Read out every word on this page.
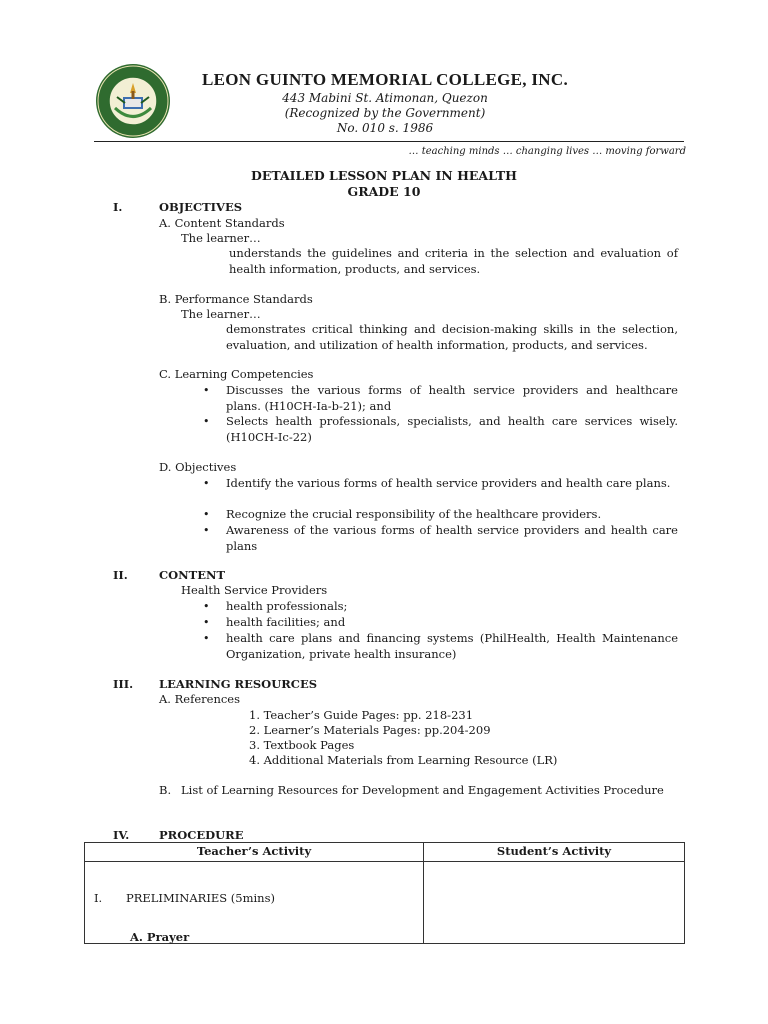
LEON GUINTO MEMORIAL COLLEGE, INC.
443 Mabini St. Atimonan, Quezon
(Recognized by the Government)
No. 010 s. 1986
… teaching minds … changing lives … moving forward
DETAILED LESSON PLAN IN HEALTH
GRADE 10
I.	OBJECTIVES
A. Content Standards
The learner…
understands the guidelines and criteria in the selection and evaluation of health information, products, and services.
B. Performance Standards
The learner…
demonstrates critical thinking and decision-making skills in the selection, evaluation, and utilization of health information, products, and services.
C. Learning Competencies
• Discusses the various forms of health service providers and healthcare plans. (H10CH-Ia-b-21); and
• Selects health professionals, specialists, and health care services wisely. (H10CH-Ic-22)
D. Objectives
• Identify the various forms of health service providers and health care plans.
• Recognize the crucial responsibility of the healthcare providers.
• Awareness of the various forms of health service providers and health care plans
II.	CONTENT
Health Service Providers
• health professionals;
• health facilities; and
• health care plans and financing systems (PhilHealth, Health Maintenance Organization, private health insurance)
III. LEARNING RESOURCES
A. References
1. Teacher’s Guide Pages: pp. 218-231
2. Learner’s Materials Pages: pp.204-209
3. Textbook Pages
4. Additional Materials from Learning Resource (LR)
B. List of Learning Resources for Development and Engagement Activities Procedure
IV.	PROCEDURE
Teacher’s Activity	Student’s Activity

I. PRELIMINARIES (5mins)
A. Prayer	
